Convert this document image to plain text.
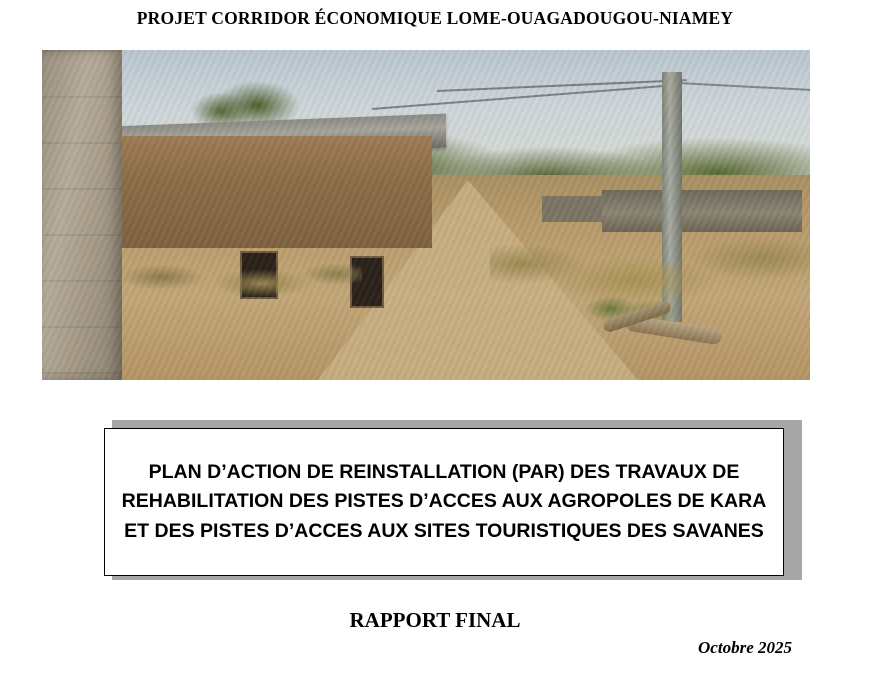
PROJET CORRIDOR ÉCONOMIQUE LOME-OUAGADOUGOU-NIAMEY
PLAN D’ACTION DE REINSTALLATION (PAR) DES TRAVAUX DE REHABILITATION DES PISTES D’ACCES AUX AGROPOLES DE KARA ET DES PISTES D’ACCES AUX SITES TOURISTIQUES DES SAVANES
RAPPORT FINAL
Octobre 2025
